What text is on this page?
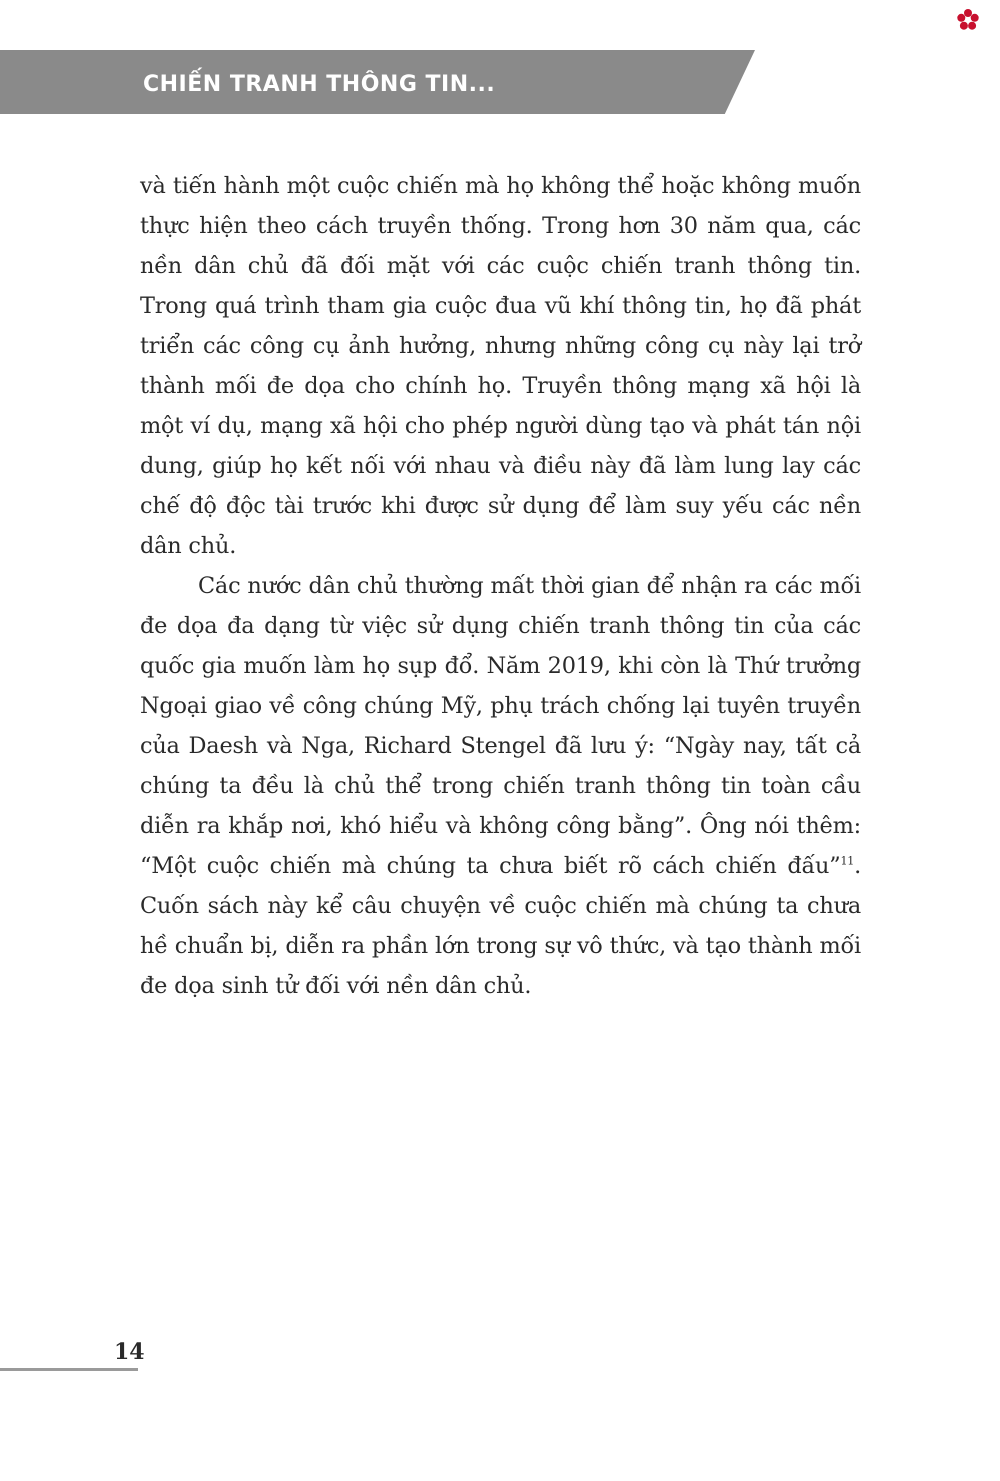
CHIẾN TRANH THÔNG TIN...

và tiến hành một cuộc chiến mà họ không thể hoặc không muốn thực hiện theo cách truyền thống. Trong hơn 30 năm qua, các nền dân chủ đã đối mặt với các cuộc chiến tranh thông tin. Trong quá trình tham gia cuộc đua vũ khí thông tin, họ đã phát triển các công cụ ảnh hưởng, nhưng những công cụ này lại trở thành mối đe dọa cho chính họ. Truyền thông mạng xã hội là một ví dụ, mạng xã hội cho phép người dùng tạo và phát tán nội dung, giúp họ kết nối với nhau và điều này đã làm lung lay các chế độ độc tài trước khi được sử dụng để làm suy yếu các nền dân chủ.

Các nước dân chủ thường mất thời gian để nhận ra các mối đe dọa đa dạng từ việc sử dụng chiến tranh thông tin của các quốc gia muốn làm họ sụp đổ. Năm 2019, khi còn là Thứ trưởng Ngoại giao về công chúng Mỹ, phụ trách chống lại tuyên truyền của Daesh và Nga, Richard Stengel đã lưu ý: “Ngày nay, tất cả chúng ta đều là chủ thể trong chiến tranh thông tin toàn cầu diễn ra khắp nơi, khó hiểu và không công bằng”. Ông nói thêm: “Một cuộc chiến mà chúng ta chưa biết rõ cách chiến đấu”$^{11}$. Cuốn sách này kể câu chuyện về cuộc chiến mà chúng ta chưa hề chuẩn bị, diễn ra phần lớn trong sự vô thức, và tạo thành mối đe dọa sinh tử đối với nền dân chủ.

14
